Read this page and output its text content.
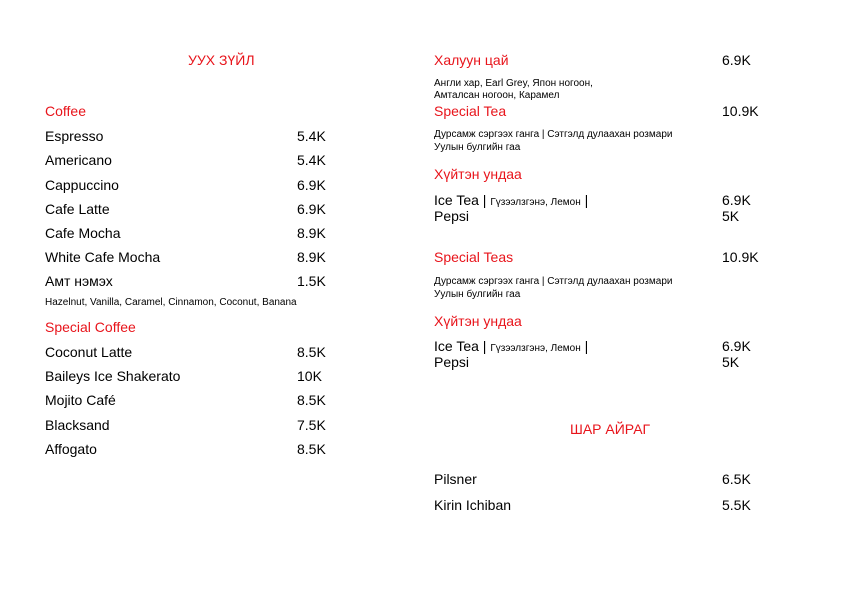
УУХ ЗҮЙЛ
Coffee
Espresso	5.4K
Americano	5.4K
Cappuccino	6.9K
Cafe Latte	6.9K
Cafe Mocha	8.9K
White Cafe Mocha	8.9K
Амт нэмэх	1.5K
Hazelnut, Vanilla, Caramel, Cinnamon, Coconut, Banana
Special Coffee
Coconut Latte	8.5K
Baileys Ice Shakerato	10K
Mojito Café	8.5K
Blacksand	7.5K
Affogato	8.5K
Халуун цай	6.9K
Англи хар, Earl Grey, Япон ногоон,
Амталсан ногоон, Карамел
Special Tea	10.9K
Дурсамж сэргээх ганга | Сэтгэлд дулаахан розмари
Уулын булгийн гаа
Хүйтэн ундаа
Ice Tea | Гүзээлзгэнэ, Лемон |	6.9K
Pepsi	5K
Special Teas	10.9K
Дурсамж сэргээх ганга | Сэтгэлд дулаахан розмари
Уулын булгийн гаа
Хүйтэн ундаа
Ice Tea | Гүзээлзгэнэ, Лемон |	6.9K
Pepsi	5K
ШАР АЙРАГ
Pilsner	6.5K
Kirin Ichiban	5.5K
